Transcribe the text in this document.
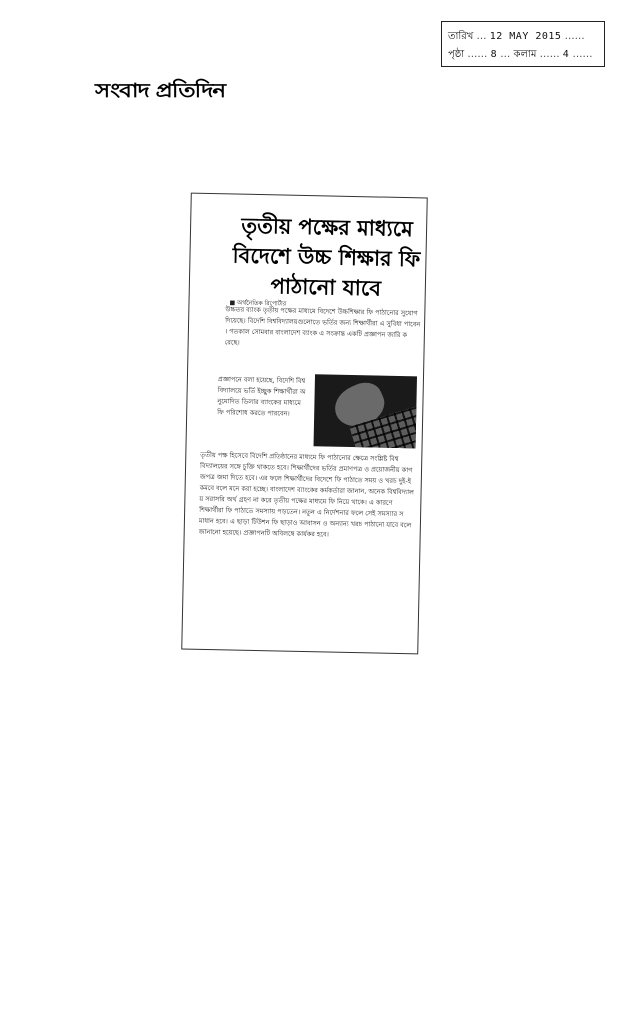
তারিখ … 12 MAY 2015 ……
পৃষ্ঠা …… 8 … কলাম …… 4 ……
সংবাদ প্রতিদিন
তৃতীয় পক্ষের মাধ্যমে বিদেশে উচ্চ শিক্ষার ফি পাঠানো যাবে
■ অর্থনৈতিক রিপোর্টার
উচ্চতর ব্যাংক তৃতীয় পক্ষের মাধ্যমে বিদেশে উচ্চশিক্ষার ফি পাঠানোর সুযোগ দিয়েছে। বিদেশি বিশ্ববিদ্যালয়গুলোতে ভর্তির জন্য শিক্ষার্থীরা এ সুবিধা পাবেন। গতকাল সোমবার বাংলাদেশ ব্যাংক এ সংক্রান্ত একটি প্রজ্ঞাপন জারি করেছে।
প্রজ্ঞাপনে বলা হয়েছে, বিদেশি বিশ্ববিদ্যালয়ে ভর্তি ইচ্ছুক শিক্ষার্থীরা অনুমোদিত ডিলার ব্যাংকের মাধ্যমে ফি পরিশোধ করতে পারবেন।
তৃতীয় পক্ষ হিসেবে বিদেশি প্রতিষ্ঠানের মাধ্যমে ফি পাঠানোর ক্ষেত্রে সংশ্লিষ্ট বিশ্ববিদ্যালয়ের সঙ্গে চুক্তি থাকতে হবে। শিক্ষার্থীদের ভর্তির প্রমাণপত্র ও প্রয়োজনীয় কাগজপত্র জমা দিতে হবে। এর ফলে শিক্ষার্থীদের বিদেশে ফি পাঠাতে সময় ও খরচ দুই-ই কমবে বলে মনে করা হচ্ছে। বাংলাদেশ ব্যাংকের কর্মকর্তারা জানান, অনেক বিশ্ববিদ্যালয় সরাসরি অর্থ গ্রহণ না করে তৃতীয় পক্ষের মাধ্যমে ফি নিয়ে থাকে। এ কারণে শিক্ষার্থীরা ফি পাঠাতে সমস্যায় পড়তেন। নতুন এ নির্দেশনার ফলে সেই সমস্যার সমাধান হবে। এ ছাড়া টিউশন ফি ছাড়াও আবাসন ও অন্যান্য খরচ পাঠানো যাবে বলে জানানো হয়েছে। প্রজ্ঞাপনটি অবিলম্বে কার্যকর হবে।
